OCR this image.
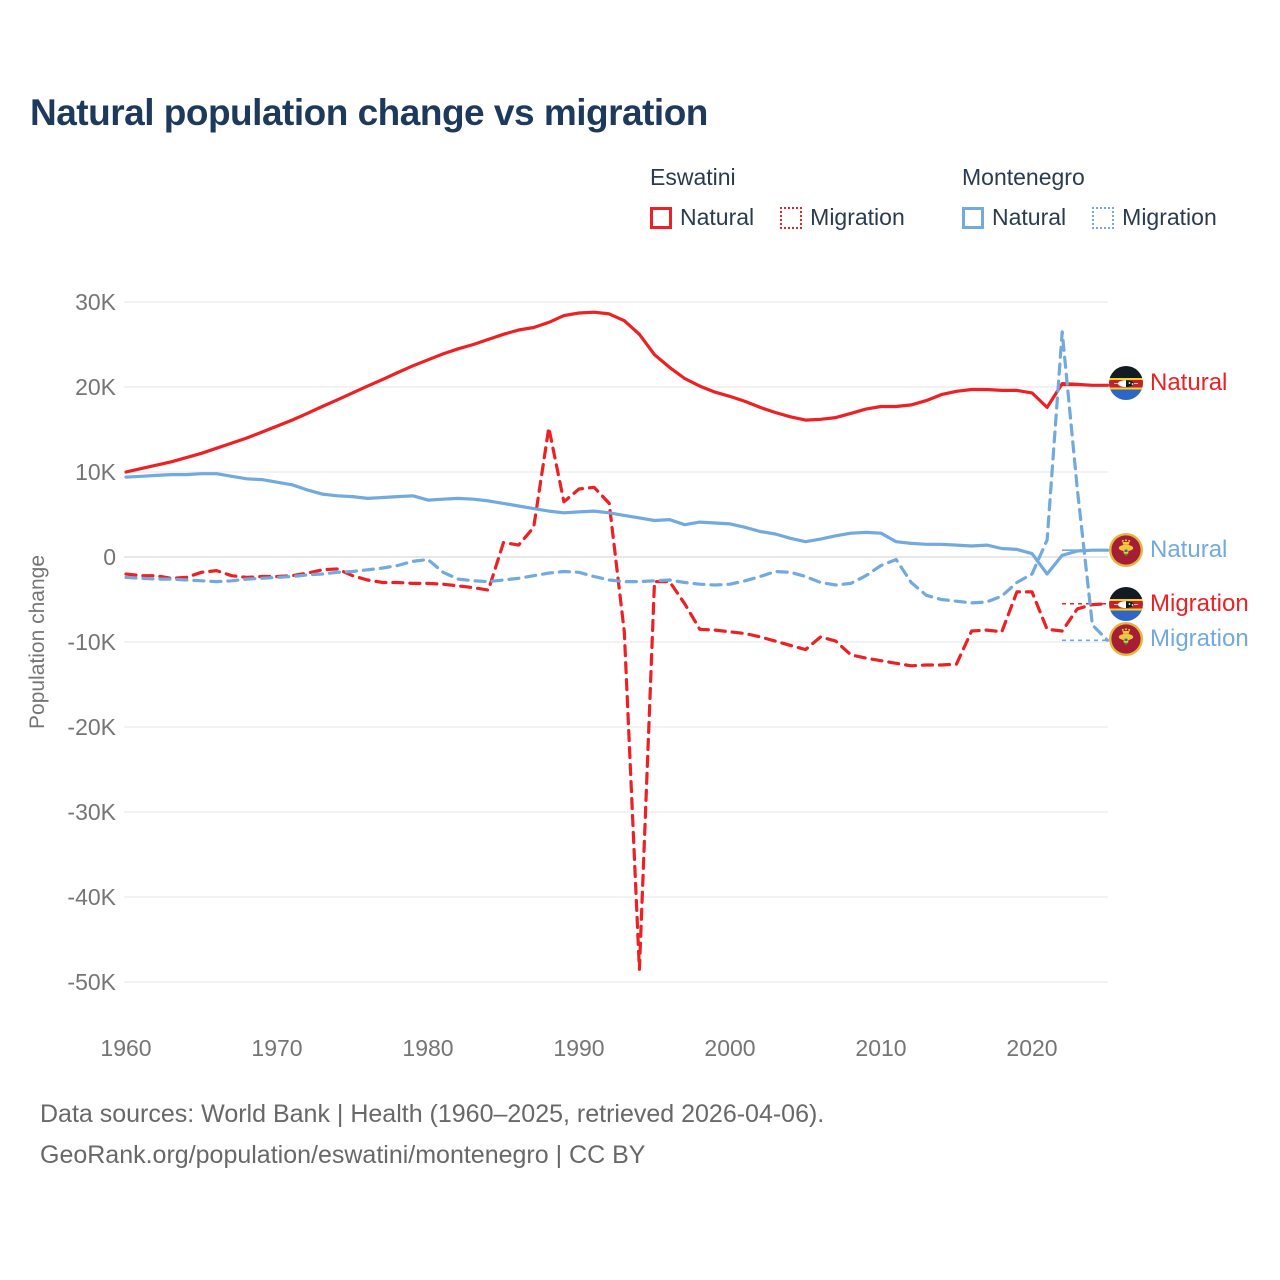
Natural population change vs migration
Eswatini	Montenegro
Natural Migration	Natural Migration
30K
20K
10K
0
-10K
-20K
-30K
-40K
-50K
1960	1970	1980	1990	2000	2010	2020
Population change
Natural
Natural
Migration
Migration
Data sources: World Bank | Health (1960–2025, retrieved 2026-04-06).
GeoRank.org/population/eswatini/montenegro | CC BY
